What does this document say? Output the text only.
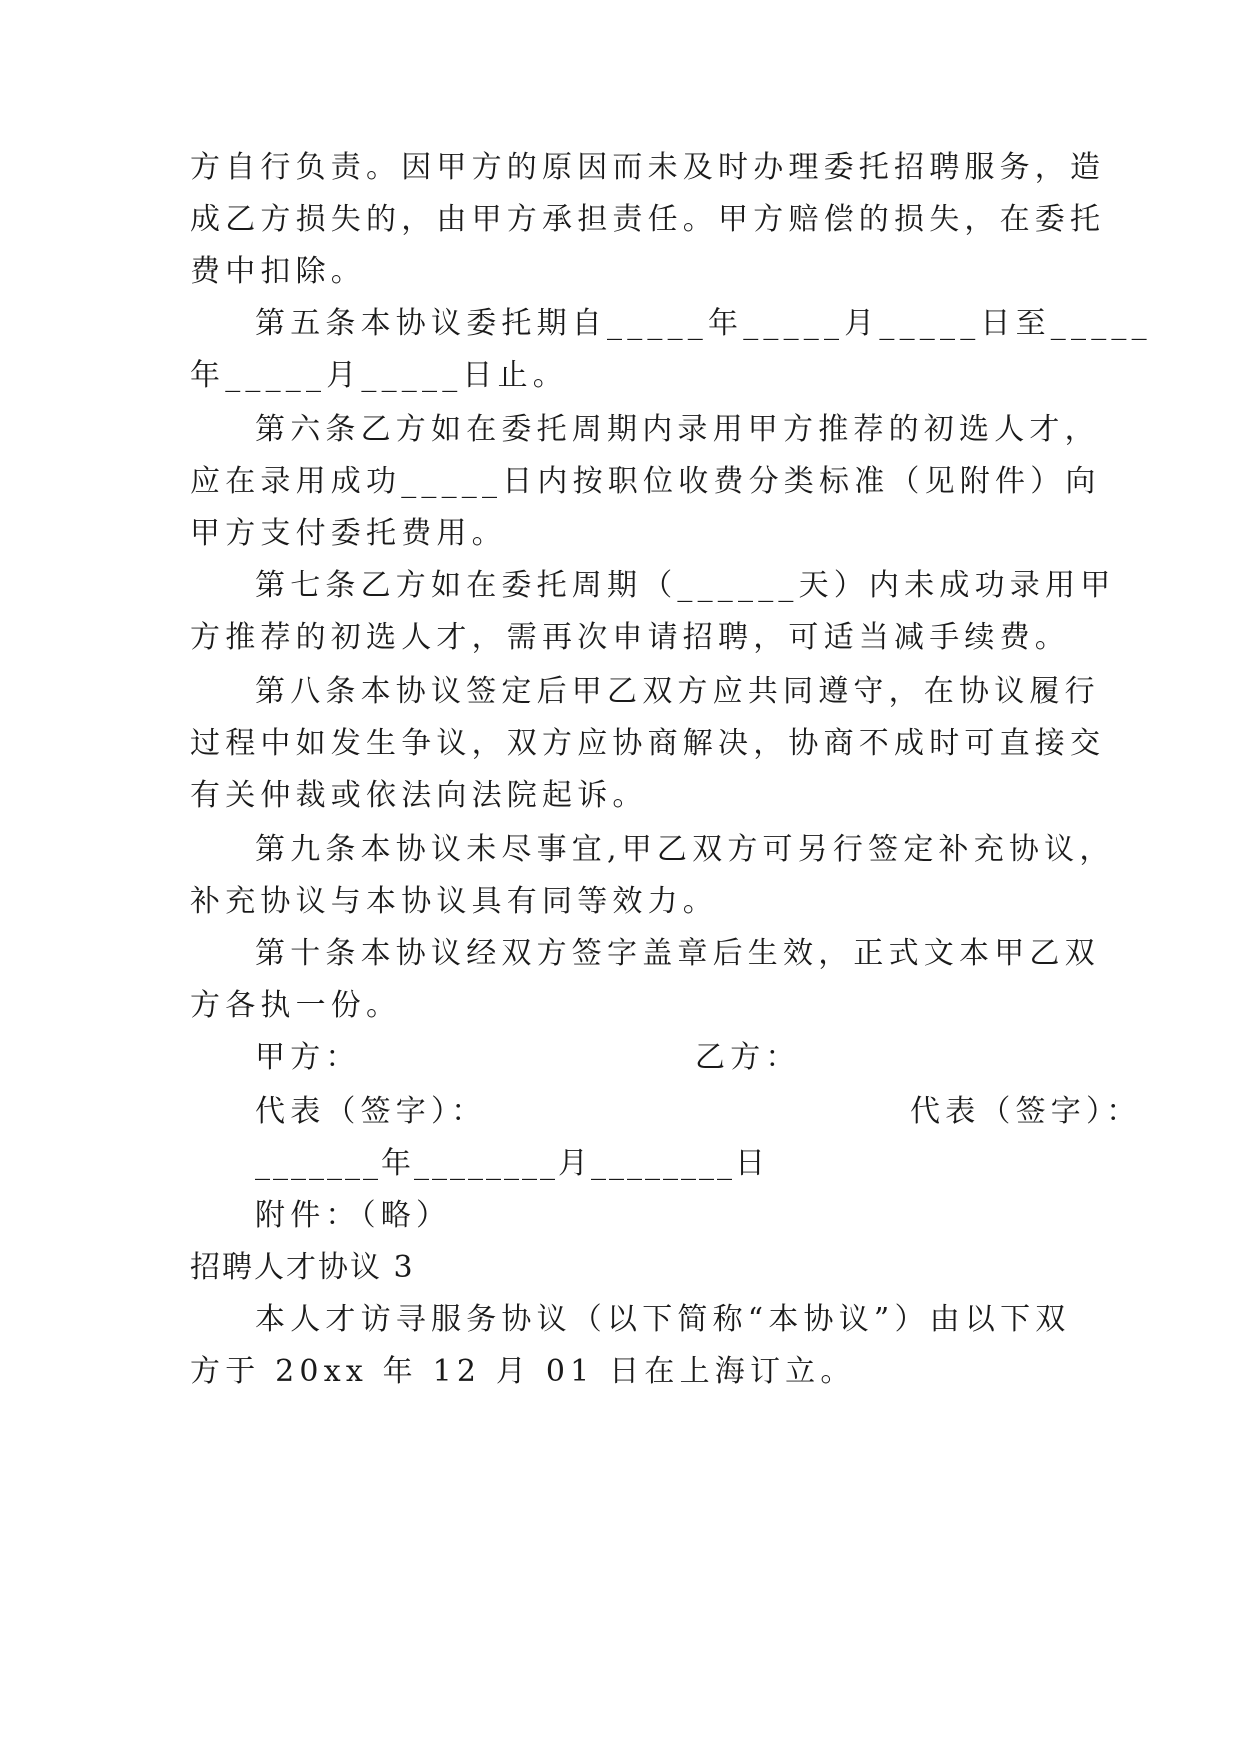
方自行负责。因甲方的原因而未及时办理委托招聘服务，造
成乙方损失的，由甲方承担责任。甲方赔偿的损失，在委托
费中扣除。
第五条本协议委托期自_____年_____月_____日至_____
年_____月_____日止。
第六条乙方如在委托周期内录用甲方推荐的初选人才，
应在录用成功_____日内按职位收费分类标准（见附件）向
甲方支付委托费用。
第七条乙方如在委托周期（______天）内未成功录用甲
方推荐的初选人才，需再次申请招聘，可适当减手续费。
第八条本协议签定后甲乙双方应共同遵守，在协议履行
过程中如发生争议，双方应协商解决，协商不成时可直接交
有关仲裁或依法向法院起诉。
第九条本协议未尽事宜,甲乙双方可另行签定补充协议，
补充协议与本协议具有同等效力。
第十条本协议经双方签字盖章后生效，正式文本甲乙双
方各执一份。
甲方：	乙方：
代表（签字）：	代表（签字）：
_______年________月________日
附件：（略）
招聘人才协议 3
本人才访寻服务协议（以下简称“本协议”）由以下双
方于 20xx 年 12 月 01 日在上海订立。
